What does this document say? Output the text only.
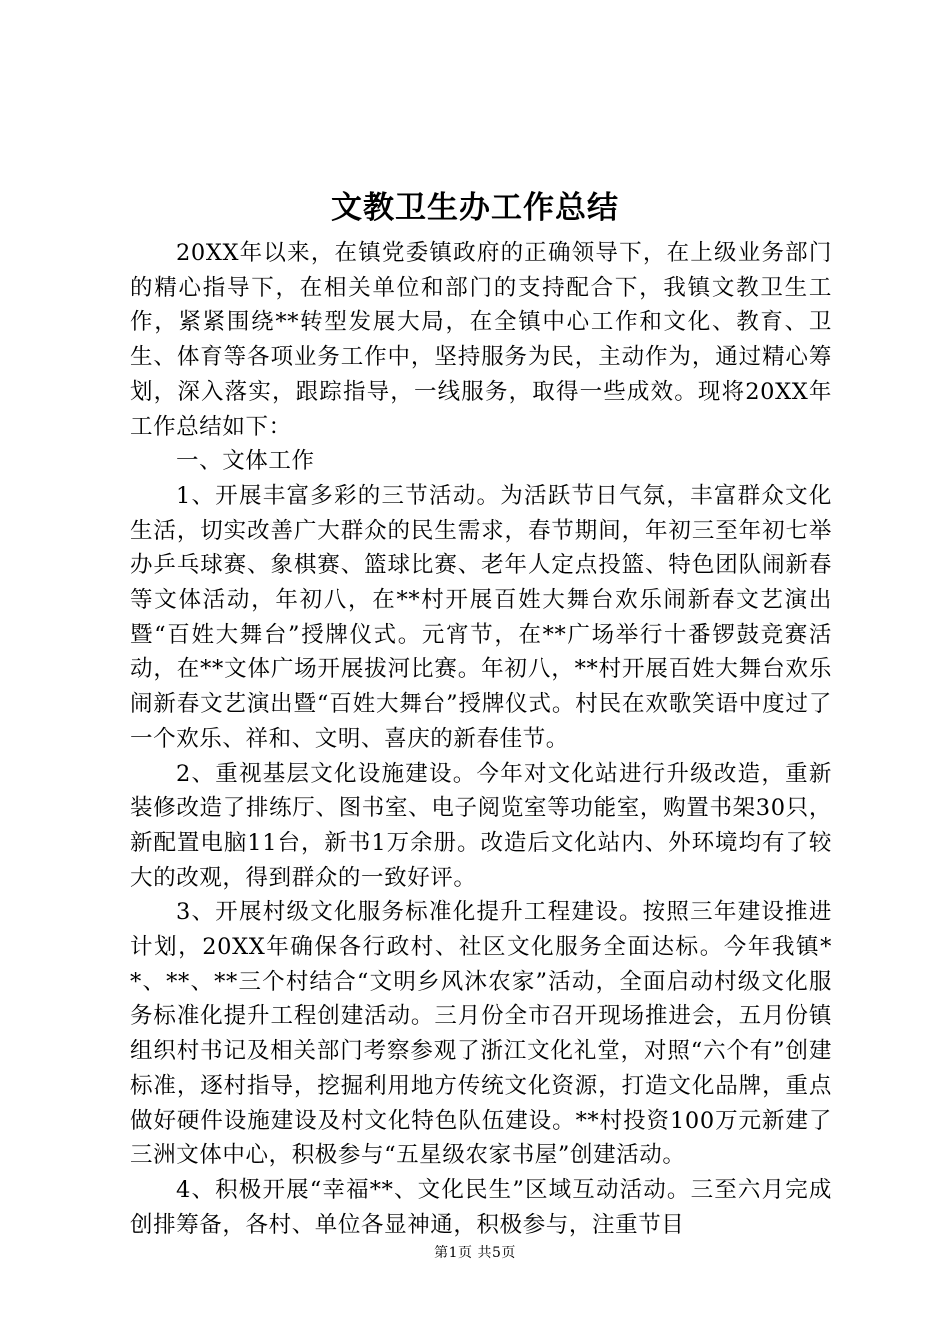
文教卫生办工作总结

20XX年以来，在镇党委镇政府的正确领导下，在上级业务部门的精心指导下，在相关单位和部门的支持配合下，我镇文教卫生工作，紧紧围绕**转型发展大局，在全镇中心工作和文化、教育、卫生、体育等各项业务工作中，坚持服务为民，主动作为，通过精心筹划，深入落实，跟踪指导，一线服务，取得一些成效。现将20XX年工作总结如下：

一、文体工作

1、开展丰富多彩的三节活动。为活跃节日气氛，丰富群众文化生活，切实改善广大群众的民生需求，春节期间，年初三至年初七举办乒乓球赛、象棋赛、篮球比赛、老年人定点投篮、特色团队闹新春等文体活动，年初八，在**村开展百姓大舞台欢乐闹新春文艺演出暨“百姓大舞台”授牌仪式。元宵节，在**广场举行十番锣鼓竞赛活动，在**文体广场开展拔河比赛。年初八，**村开展百姓大舞台欢乐闹新春文艺演出暨“百姓大舞台”授牌仪式。村民在欢歌笑语中度过了一个欢乐、祥和、文明、喜庆的新春佳节。

2、重视基层文化设施建设。今年对文化站进行升级改造，重新装修改造了排练厅、图书室、电子阅览室等功能室，购置书架30只，新配置电脑11台，新书1万余册。改造后文化站内、外环境均有了较大的改观，得到群众的一致好评。

3、开展村级文化服务标准化提升工程建设。按照三年建设推进计划，20XX年确保各行政村、社区文化服务全面达标。今年我镇**、**、**三个村结合“文明乡风沐农家”活动，全面启动村级文化服务标准化提升工程创建活动。三月份全市召开现场推进会，五月份镇组织村书记及相关部门考察参观了浙江文化礼堂，对照“六个有”创建标准，逐村指导，挖掘利用地方传统文化资源，打造文化品牌，重点做好硬件设施建设及村文化特色队伍建设。**村投资100万元新建了三洲文体中心，积极参与“五星级农家书屋”创建活动。

4、积极开展“幸福**、文化民生”区域互动活动。三至六月完成创排筹备，各村、单位各显神通，积极参与，注重节目

第1页 共5页
